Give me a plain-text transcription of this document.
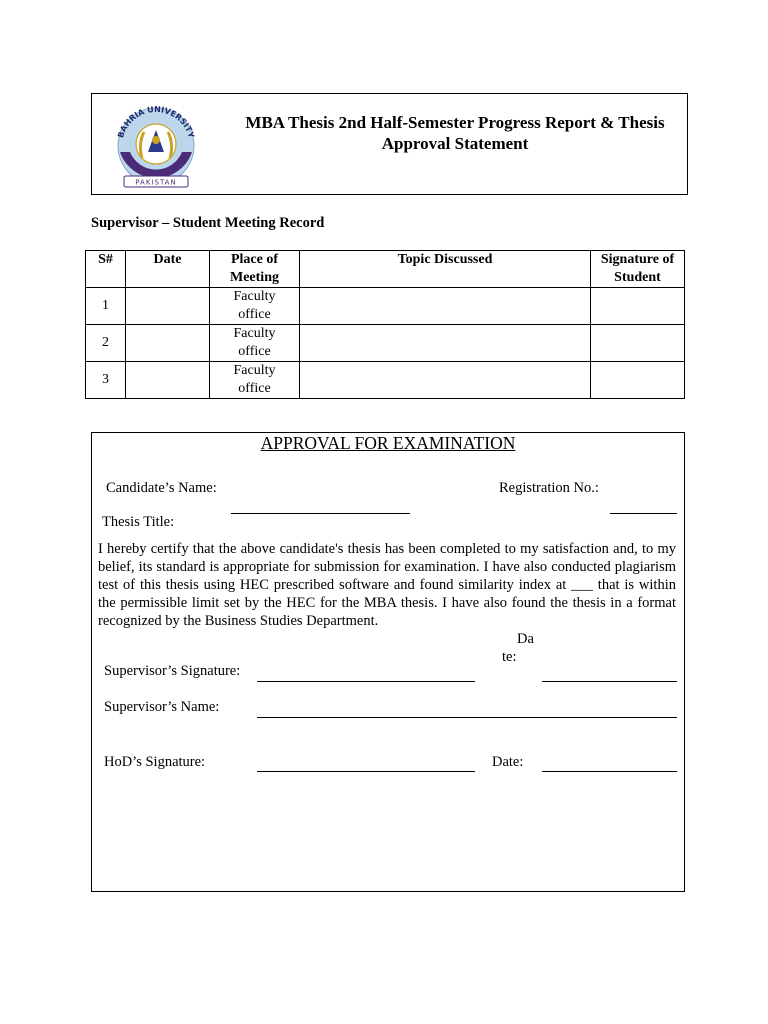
BAHRIA UNIVERSITY
PAKISTAN
MBA Thesis 2nd Half-Semester Progress Report & Thesis
Approval Statement
Supervisor – Student Meeting Record
S#	Date	Place of Meeting	Topic Discussed	Signature of Student
1		Faculty
office		

2		Faculty
office		

3		Faculty
office		

APPROVAL FOR EXAMINATION
Candidate’s Name:	Registration No.:
Thesis Title:
I hereby certify that the above candidate's thesis has been completed to my satisfaction and, to my belief, its standard is appropriate for submission for examination. I have also conducted plagiarism test of this thesis using HEC prescribed software and found similarity index at ___ that is within the permissible limit set by the HEC for the MBA thesis. I have also found the thesis in a format recognized by the Business Studies Department.
Da
te:
Supervisor’s Signature:
Supervisor’s Name:
HoD’s Signature:	Date:
